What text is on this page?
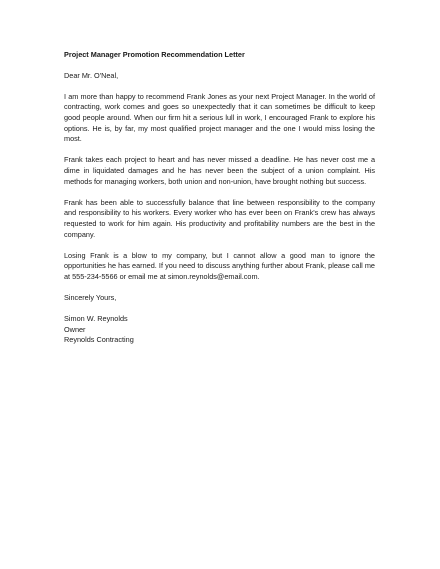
Project Manager Promotion Recommendation Letter
Dear Mr. O'Neal,

I am more than happy to recommend Frank Jones as your next Project Manager. In the world of contracting, work comes and goes so unexpectedly that it can sometimes be difficult to keep good people around. When our firm hit a serious lull in work, I encouraged Frank to explore his options. He is, by far, my most qualified project manager and the one I would miss losing the most.

Frank takes each project to heart and has never missed a deadline. He has never cost me a dime in liquidated damages and he has never been the subject of a union complaint. His methods for managing workers, both union and non-union, have brought nothing but success.

Frank has been able to successfully balance that line between responsibility to the company and responsibility to his workers. Every worker who has ever been on Frank's crew has always requested to work for him again. His productivity and profitability numbers are the best in the company.

Losing Frank is a blow to my company, but I cannot allow a good man to ignore the opportunities he has earned. If you need to discuss anything further about Frank, please call me at 555-234-5566 or email me at simon.reynolds@email.com.

Sincerely Yours,
Simon W. Reynolds
Owner
Reynolds Contracting
